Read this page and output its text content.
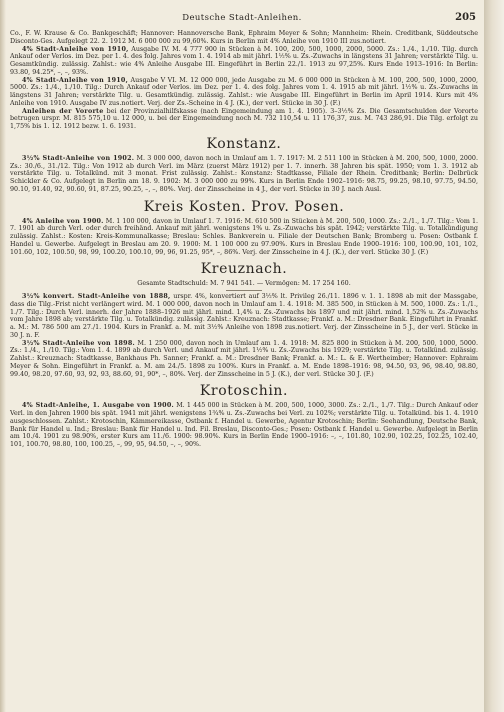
Deutsche Stadt-Anleihen.	205

Co., F. W. Krause & Co. Bankgeschäft; Hannover: Hannoversche Bank, Ephraim Meyer & Sohn; Mannheim: Rhein. Creditbank, Süddeutsche Disconto-Ges. Aufgelegt 22. 2. 1912 M. 6 000 000 zu 99,60%. Kurs in Berlin mit 4% Anleihe von 1910 III zus.notiert.

4% Stadt-Anleihe von 1910, Ausgabe IV. M. 4 777 900 in Stücken à M. 100, 200, 500, 1000, 2000, 5000. Zs.: 1./4., 1./10. Tilg. durch Ankauf oder Verlos. im Dez. per 1. 4. des folg. Jahres vom 1. 4. 1914 ab mit jährl. 1½% u. Zs.-Zuwachs in längstens 31 Jahren; verstärkte Tilg. u. Gesamtkündig. zulässig. Zahlst.: wie 4% Anleihe Ausgabe III. Eingeführt in Berlin 22./1. 1913 zu 97,25%. Kurs Ende 1913–1916: In Berlin: 93.80, 94.25*, –, –, 93%.

4% Stadt-Anleihe von 1910, Ausgabe V VI. M. 12 000 000, jede Ausgabe zu M. 6 000 000 in Stücken à M. 100, 200, 500, 1000, 2000, 5000. Zs.: 1./4., 1./10. Tilg.: Durch Ankauf oder Verlos. im Dez. per 1. 4. des folg. Jahres vom 1. 4. 1915 ab mit jährl. 1½% u. Zs.-Zuwachs in längstens 31 Jahren; verstärkte Tilg. u. Gesamtkündig. zulässig. Zahlst.: wie Ausgabe III. Eingeführt in Berlin im April 1914. Kurs mit 4% Anleihe von 1910. Ausgabe IV zus.notiert. Verj. der Zs.-Scheine in 4 J. (K.), der verl. Stücke in 30 J. (F.)

Anleihen der Vororte bei der Provinzialhilfskasse (nach Eingemeindung am 1. 4. 1905). 3–3½% Zs. Die Gesamtschulden der Vororte betrugen urspr. M. 815 575,10 u. 12 000, u. bei der Eingemeindung noch M. 732 110,54 u. 11 176,37, zus. M. 743 286,91. Die Tilg. erfolgt zu 1,75% bis 1. 12. 1912 bezw. 1. 6. 1931.

Konstanz.

3½% Stadt-Anleihe von 1902. M. 3 000 000, davon noch in Umlauf am 1. 7. 1917: M. 2 511 100 in Stücken à M. 200, 500, 1000, 2000. Zs.: 30./6., 31./12. Tilg.: Von 1912 ab durch Verl. im März (zuerst März 1912) per 1. 7. innerh. 38 Jahren bis spät. 1950; vom 1. 3. 1912 ab verstärkte Tilg. u. Totalkünd. mit 3 monat. Frist zulässig. Zahlst.: Konstanz: Stadtkasse, Filiale der Rhein. Creditbank; Berlin: Delbrück Schickler & Co. Aufgelegt in Berlin am 18. 9. 1902: M. 3 000 000 zu 99%. Kurs in Berlin Ende 1902–1916: 98.75, 99.25, 98.10, 97.75, 94.50, 90.10, 91.40, 92, 90.60, 91, 87.25, 90.25, –, –, 80%. Verj. der Zinsscheine in 4 J., der verl. Stücke in 30 J. nach Ausl.

Kreis Kosten. Prov. Posen.

4% Anleihe von 1900. M. 1 100 000, davon in Umlauf 1. 7. 1916: M. 610 500 in Stücken à M. 200, 500, 1000. Zs.: 2./1., 1./7. Tilg.: Vom 1. 7. 1901 ab durch Verl. oder durch freihänd. Ankauf mit jährl. wenigstens 1% u. Zs.-Zuwachs bis spät. 1942; verstärkte Tilg. u. Totalkündigung zulässig. Zahlst.: Kosten: Kreis-Kommunalkasse; Breslau: Schles. Bankverein u. Filiale der Deutschen Bank; Bromberg u. Posen: Ostbank f. Handel u. Gewerbe. Aufgelegt in Breslau am 20. 9. 1900: M. 1 100 000 zu 97.90%. Kurs in Breslau Ende 1900–1916: 100, 100.90, 101, 102, 101.60, 102, 100.50, 98, 99, 100.20, 100.10, 99, 96, 91.25, 95*, –, 86%. Verj. der Zinsscheine in 4 J. (K.), der verl. Stücke 30 J. (F.)

Kreuznach.

Gesamte Stadtschuld: M. 7 941 541. — Vermögen: M. 17 254 160.

3½% konvert. Stadt-Anleihe von 1888, urspr. 4%, konvertiert auf 3½% lt. Privileg 26./11. 1896 v. 1. 1. 1898 ab mit der Massgabe, dass die Tilg.-Frist nicht verlängert wird. M. 1 000 000, davon noch in Umlauf am 1. 4. 1918: M. 385 500, in Stücken à M. 500, 1000. Zs.: 1./1., 1./7. Tilg.: Durch Verl. innerh. der Jahre 1888–1926 mit jährl. mind. 1,4% u. Zs.-Zuwachs bis 1897 und mit jährl. mind. 1,52% u. Zs.-Zuwachs vom Jahre 1898 ab; verstärkte Tilg. u. Totalkündig. zulässig. Zahlst.: Kreuznach: Stadtkasse; Frankf. a. M.: Dresdner Bank. Eingeführt in Frankf. a. M.: M. 786 500 am 27./1. 1904. Kurs in Frankf. a. M. mit 3½% Anleihe von 1898 zus.notiert. Verj. der Zinsscheine in 5 J., der verl. Stücke in 30 J. n. F.

3½% Stadt-Anleihe von 1898. M. 1 250 000, davon noch in Umlauf am 1. 4. 1918: M. 825 800 in Stücken à M. 200, 500, 1000, 5000. Zs.: 1./4., 1./10. Tilg.: Vom 1. 4. 1899 ab durch Verl. und Ankauf mit jährl. 1½% u. Zs.-Zuwachs bis 1929; verstärkte Tilg. u. Totalkünd. zulässig. Zahlst.: Kreuznach: Stadtkasse, Bankhaus Ph. Sanner; Frankf. a. M.: Dresdner Bank; Frankf. a. M.: L. & E. Wertheimber; Hannover: Ephraim Meyer & Sohn. Eingeführt in Frankf. a. M. am 24./5. 1898 zu 100%. Kurs in Frankf. a. M. Ende 1898–1916: 98, 94.50, 93, 96, 98.40, 98.80, 99.40, 98.20, 97.60, 93, 92, 93, 88.60, 91, 90*, –, 80%. Verj. der Zinsscheine in 5 J. (K.), der verl. Stücke 30 J. (F.)

Krotoschin.

4% Stadt-Anleihe, 1. Ausgabe von 1900. M. 1 445 000 in Stücken à M. 200, 500, 1000, 3000. Zs.: 2./1., 1./7. Tilg.: Durch Ankauf oder Verl. in den Jahren 1900 bis spät. 1941 mit jährl. wenigstens 1¾% u. Zs.-Zuwachs bei Verl. zu 102%; verstärkte Tilg. u. Totalkünd. bis 1. 4. 1910 ausgeschlossen. Zahlst.: Krotoschin, Kämmereikasse, Ostbank f. Handel u. Gewerbe, Agentur Krotoschin; Berlin: Seehandlung, Deutsche Bank, Bank für Handel u. Ind.; Breslau: Bank für Handel u. Ind. Fil. Breslau, Disconto-Ges.; Posen: Ostbank f. Handel u. Gewerbe. Aufgelegt in Berlin am 10./4. 1901 zu 98.90%, erster Kurs am 11./6. 1900: 98.90%. Kurs in Berlin Ende 1900–1916: –, –, 101.80, 102.90, 102.25, 102.25, 102.40, 101, 100.70, 98.80, 100, 100.25, –, 99, 95, 94.50, –, –, 90%.
